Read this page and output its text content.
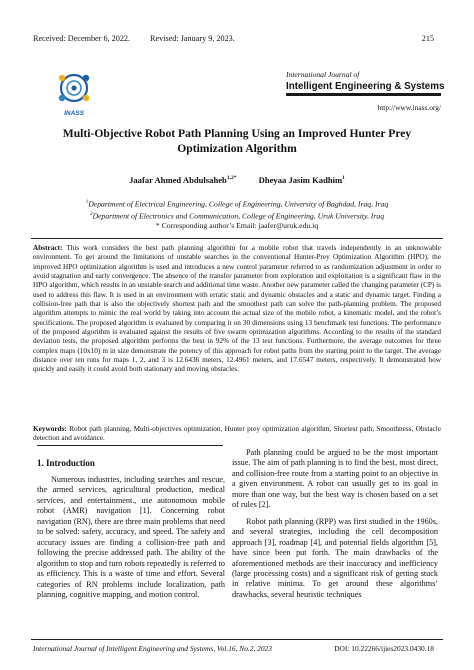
Received: December 6, 2022. Revised: January 9, 2023.	215
INASS
International Journal of
Intelligent Engineering & Systems
http://www.inass.org/
Multi-Objective Robot Path Planning Using an Improved Hunter Prey
Optimization Algorithm
Jaafar Ahmed Abdulsaheb$^{1,2*}$	Dheyaa Jasim Kadhim$^1$
$^1$Department of Electrical Engineering, College of Engineering, University of Baghdad, Iraq, Iraq
$^2$Department of Electronics and Communication, College of Engineering, Uruk University, Iraq
* Corresponding author’s Email: jaafer@uruk.edu.iq
Abstract: This work considers the best path planning algorithm for a mobile robot that travels independently in an unknowable environment. To get around the limitations of unstable searches in the conventional Hunter-Prey Optimization Algorithm (HPO), the improved HPO optimization algorithm is used and introduces a new control parameter referred to as randomization adjustment in order to avoid stagnation and early convergence. The absence of the transfer parameter from exploration and exploitation is a significant flaw in the HPO algorithm, which results in an unstable search and additional time waste. Another new parameter called the changing parameter (CP) is used to address this flaw. It is used in an environment with erratic static and dynamic obstacles and a static and dynamic target. Finding a collision-free path that is also the objectively shortest path and the smoothest path can solve the path-planning problem. The proposed algorithm attempts to mimic the real world by taking into account the actual size of the mobile robot, a kinematic model, and the robot’s specifications. The proposed algorithm is evaluated by comparing it on 30 dimensions using 13 benchmark test functions. The performance of the proposed algorithm is evaluated against the results of five swarm optimization algorithms. According to the results of the standard deviation tests, the proposed algorithm performs the best in 92% of the 13 test functions. Furthermore, the average outcomes for three complex maps (10x10) m in size demonstrate the potency of this approach for robot paths from the starting point to the target. The average distance over ten runs for maps 1, 2, and 3 is 12.6436 meters, 12.4961 meters, and 17.6547 meters, respectively. It demonstrated how quickly and easily it could avoid both stationary and moving obstacles.
Keywords: Robot path planning, Multi-objectives optimization, Hunter prey optimization algorithm, Shortest path, Smoothness, Obstacle detection and avoidance.
1. Introduction
Numerous industries, including searches and rescue, the armed services, agricultural production, medical services, and entertainment., use autonomous mobile robot (AMR) navigation [1]. Concerning robot navigation (RN), there are three main problems that need to be solved: safety, accuracy, and speed. The safety and accuracy issues are finding a collision-free path and following the precise addressed path. The ability of the algorithm to stop and turn robots repeatedly is referred to as efficiency. This is a waste of time and effort. Several categories of RN problems include localization, path planning, cognitive mapping, and motion control.
Path planning could be argued to be the most important issue. The aim of path planning is to find the best, most direct, and collision-free route from a starting point to an objective in a given environment. A robot can usually get to its goal in more than one way, but the best way is chosen based on a set of rules [2].
Robot path planning (RPP) was first studied in the 1960s, and several strategies, including the cell decomposition approach [3], roadmap [4], and potential fields algorithm [5], have since been put forth. The main drawbacks of the aforementioned methods are their inaccuracy and inefficiency (large processing costs) and a significant risk of getting stuck in relative minima. To get around these algorithms’ drawbacks, several heuristic techniques
International Journal of Intelligent Engineering and Systems, Vol.16, No.2, 2023	DOI: 10.22266/ijies2023.0430.18
